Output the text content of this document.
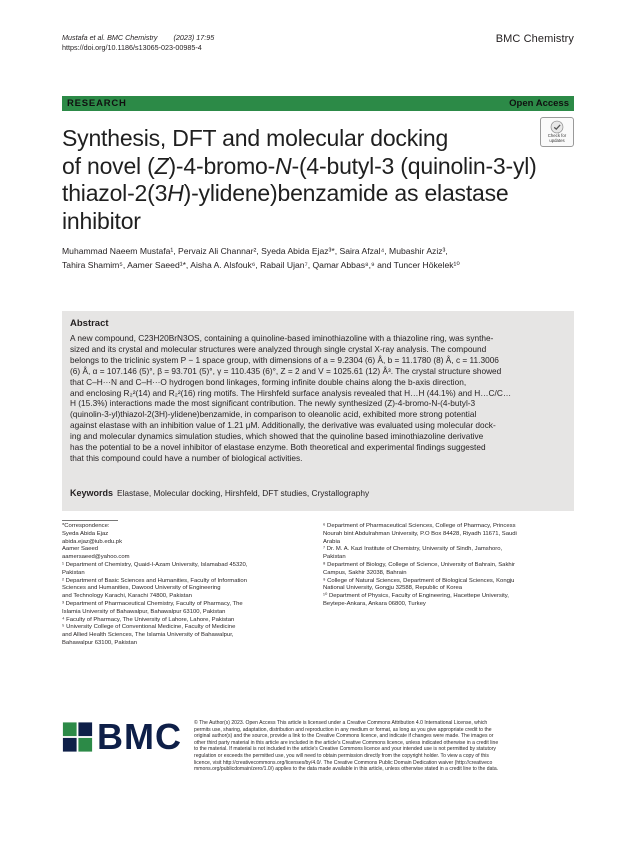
Mustafa et al. BMC Chemistry (2023) 17:95
https://doi.org/10.1186/s13065-023-00985-4
BMC Chemistry
RESEARCH	Open Access
Synthesis, DFT and molecular docking
of novel (Z)-4-bromo-N-(4-butyl-3 (quinolin-3-yl)
thiazol-2(3H)-ylidene)benzamide as elastase
inhibitor
Check for
updates
Muhammad Naeem Mustafa¹, Pervaiz Ali Channar², Syeda Abida Ejaz³*, Saira Afzal⁴, Mubashir Aziz³,
Tahira Shamim⁵, Aamer Saeed¹*, Aisha A. Alsfouk⁶, Rabail Ujan⁷, Qamar Abbas⁸,⁹ and Tuncer Hökelek¹⁰
Abstract
A new compound, C23H20BrN3OS, containing a quinoline-based iminothiazoline with a thiazoline ring, was synthe-
sized and its crystal and molecular structures were analyzed through single crystal X-ray analysis. The compound
belongs to the triclinic system P − 1 space group, with dimensions of a = 9.2304 (6) Å, b = 11.1780 (8) Å, c = 11.3006
(6) Å, α = 107.146 (5)°, β = 93.701 (5)°, γ = 110.435 (6)°, Z = 2 and V = 1025.61 (12) Å³. The crystal structure showed
that C–H···N and C–H···O hydrogen bond linkages, forming infinite double chains along the b-axis direction,
and enclosing R₂²(14) and R₂²(16) ring motifs. The Hirshfeld surface analysis revealed that H…H (44.1%) and H…C/C…
H (15.3%) interactions made the most significant contribution. The newly synthesized (Z)-4-bromo-N-(4-butyl-3
(quinolin-3-yl)thiazol-2(3H)-ylidene)benzamide, in comparison to oleanolic acid, exhibited more strong potential
against elastase with an inhibition value of 1.21 μM. Additionally, the derivative was evaluated using molecular dock-
ing and molecular dynamics simulation studies, which showed that the quinoline based iminothiazoline derivative
has the potential to be a novel inhibitor of elastase enzyme. Both theoretical and experimental findings suggested
that this compound could have a number of biological activities.
Keywords Elastase, Molecular docking, Hirshfeld, DFT studies, Crystallography
*Correspondence:
Syeda Abida Ejaz
abida.ejaz@iub.edu.pk
Aamer Saeed
aamersaeed@yahoo.com
¹ Department of Chemistry, Quaid-I-Azam University, Islamabad 45320,
Pakistan
² Department of Basic Sciences and Humanities, Faculty of Information
Sciences and Humanities, Dawood University of Engineering
and Technology Karachi, Karachi 74800, Pakistan
³ Department of Pharmaceutical Chemistry, Faculty of Pharmacy, The
Islamia University of Bahawalpur, Bahawalpur 63100, Pakistan
⁴ Faculty of Pharmacy, The University of Lahore, Lahore, Pakistan
⁵ University College of Conventional Medicine, Faculty of Medicine
and Allied Health Sciences, The Islamia University of Bahawalpur,
Bahawalpur 63100, Pakistan
⁶ Department of Pharmaceutical Sciences, College of Pharmacy, Princess
Nourah bint Abdulrahman University, P.O Box 84428, Riyadh 11671, Saudi
Arabia
⁷ Dr. M. A. Kazi Institute of Chemistry, University of Sindh, Jamshoro,
Pakistan
⁸ Department of Biology, College of Science, University of Bahrain, Sakhir
Campus, Sakhir 32038, Bahrain
⁹ College of Natural Sciences, Department of Biological Sciences, Kongju
National University, Gongju 32588, Republic of Korea
¹⁰ Department of Physics, Faculty of Engineering, Hacettepe University,
Beytepe-Ankara, Ankara 06800, Turkey
BMC © The Author(s) 2023. Open Access This article is licensed under a Creative Commons Attribution 4.0 International License, which
permits use, sharing, adaptation, distribution and reproduction in any medium or format, as long as you give appropriate credit to the
original author(s) and the source, provide a link to the Creative Commons licence, and indicate if changes were made. The images or
other third party material in this article are included in the article's Creative Commons licence, unless indicated otherwise in a credit line
to the material. If material is not included in the article's Creative Commons licence and your intended use is not permitted by statutory
regulation or exceeds the permitted use, you will need to obtain permission directly from the copyright holder. To view a copy of this
licence, visit http://creativecommons.org/licenses/by/4.0/. The Creative Commons Public Domain Dedication waiver (http://creativeco
mmons.org/publicdomain/zero/1.0/) applies to the data made available in this article, unless otherwise stated in a credit line to the data.
